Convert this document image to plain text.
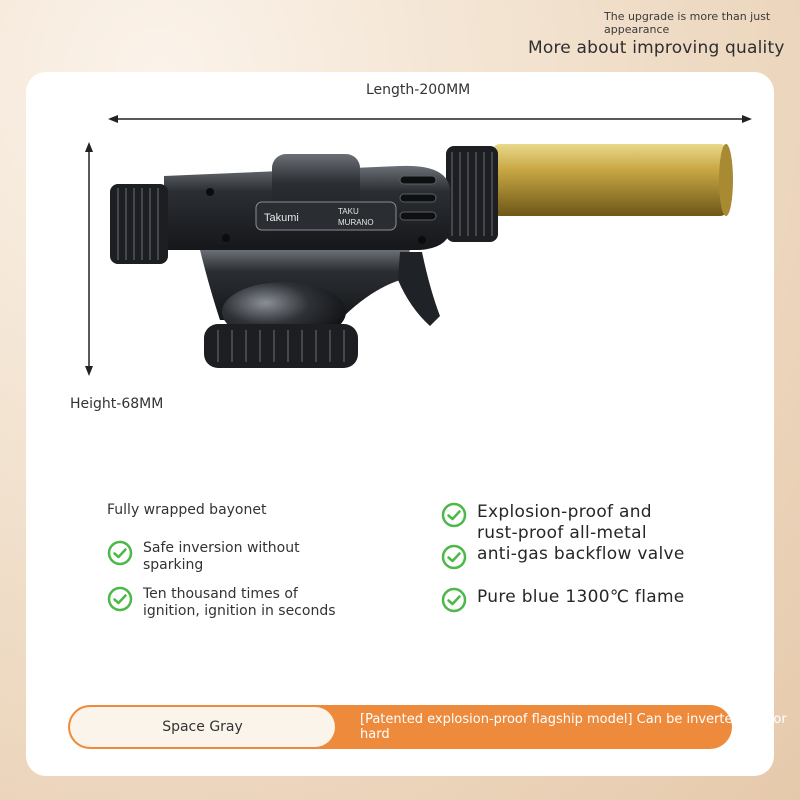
The upgrade is more than just appearance
More about improving quality
Length-200MM
Height-68MM
Takumi
TAKU
MURANO
Fully wrapped bayonet
Safe inversion without
sparking
Ten thousand times of
ignition, ignition in seconds
Explosion-proof and
rust-proof all-metal
anti-gas backflow valve
Pure blue 1300℃ flame
Space Gray	[Patented explosion-proof flagship model] Can be inverted/soft or hard
